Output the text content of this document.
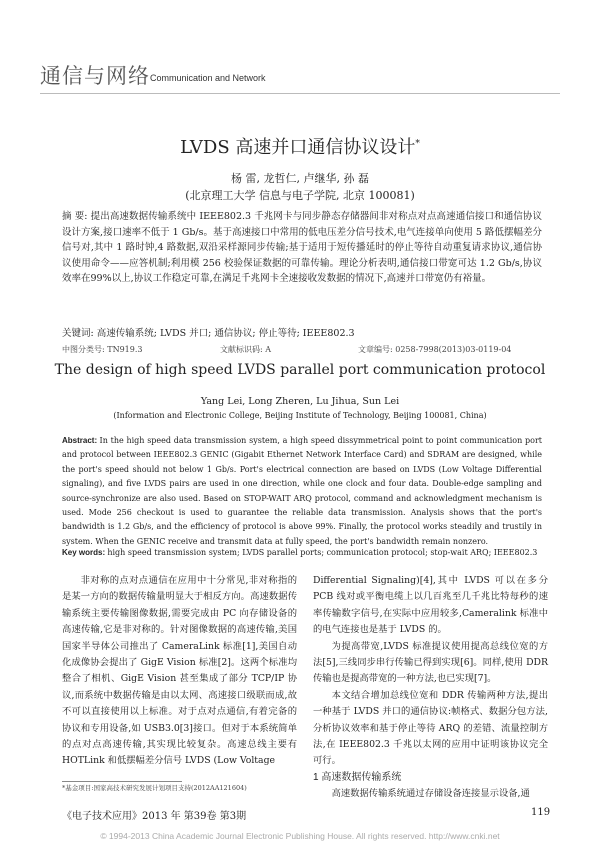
通信与网络 Communication and Network
LVDS 高速并口通信协议设计*
杨 雷, 龙哲仁, 卢继华, 孙 磊
(北京理工大学 信息与电子学院, 北京 100081)
摘 要: 提出高速数据传输系统中 IEEE802.3 千兆网卡与同步静态存储器间非对称点对点高速通信接口和通信协议设计方案,接口速率不低于 1 Gb/s。基于高速接口中常用的低电压差分信号技术,电气连接单向使用 5 路低摆幅差分信号对,其中 1 路时钟,4 路数据,双沿采样源同步传输;基于适用于短传播延时的停止等待自动重复请求协议,通信协议使用命令——应答机制;利用模 256 校验保证数据的可靠传输。理论分析表明,通信接口带宽可达 1.2 Gb/s,协议效率在99%以上,协议工作稳定可靠,在满足千兆网卡全速接收发数据的情况下,高速并口带宽仍有裕量。
关键词: 高速传输系统; LVDS 并口; 通信协议; 停止等待; IEEE802.3
中图分类号: TN919.3	文献标识码: A	文章编号: 0258-7998(2013)03-0119-04
The design of high speed LVDS parallel port communication protocol
Yang Lei, Long Zheren, Lu Jihua, Sun Lei
(Information and Electronic College, Beijing Institute of Technology, Beijing 100081, China)
Abstract: In the high speed data transmission system, a high speed dissymmetrical point to point communication port and protocol between IEEE802.3 GENIC (Gigabit Ethernet Network Interface Card) and SDRAM are designed, while the port's speed should not below 1 Gb/s. Port's electrical connection are based on LVDS (Low Voltage Differential signaling), and five LVDS pairs are used in one direction, while one clock and four data. Double-edge sampling and source-synchronize are also used. Based on STOP-WAIT ARQ protocol, command and acknowledgment mechanism is used. Mode 256 checkout is used to guarantee the reliable data transmission. Analysis shows that the port's bandwidth is 1.2 Gb/s, and the efficiency of protocol is above 99%. Finally, the protocol works steadily and trustily in system. When the GENIC receive and transmit data at fully speed, the port's bandwidth remain nonzero.
Key words: high speed transmission system; LVDS parallel ports; communication protocol; stop-wait ARQ; IEEE802.3

非对称的点对点通信在应用中十分常见,非对称指的是某一方向的数据传输量明显大于相反方向。高速数据传输系统主要传输图像数据,需要完成由 PC 向存储设备的高速传输,它是非对称的。针对图像数据的高速传输,美国国家半导体公司推出了 CameraLink 标准[1],美国自动化成像协会提出了 GigE Vision 标准[2]。这两个标准均整合了相机、GigE Vision 甚至集成了部分 TCP/IP 协议,而系统中数据传输是由以太网、高速接口级联而成,故不可以直接使用以上标准。对于点对点通信,有着完备的协议和专用设备,如 USB3.0[3]接口。但对于本系统简单的点对点高速传输,其实现比较复杂。高速总线主要有 HOTLink 和低摆幅差分信号 LVDS (Low Voltage

Differential Signaling)[4],其中 LVDS 可以在多分 PCB 线对或平衡电缆上以几百兆至几千兆比特每秒的速率传输数字信号,在实际中应用较多,Cameralink 标准中的电气连接也是基于 LVDS 的。

为提高带宽,LVDS 标准提议使用提高总线位宽的方法[5],三线同步串行传输已得到实现[6]。同样,使用 DDR 传输也是提高带宽的一种方法,也已实现[7]。

本文结合增加总线位宽和 DDR 传输两种方法,提出一种基于 LVDS 并口的通信协议:帧格式、数据分包方法,分析协议效率和基于停止等待 ARQ 的差错、流量控制方法,在 IEEE802.3 千兆以太网的应用中证明该协议完全可行。

1 高速数据传输系统

高速数据传输系统通过存储设备连接显示设备,通

*基金项目:国家高技术研究发展计划项目支持(2012AA121604)
《电子技术应用》2013 年 第39卷 第3期	119
© 1994-2013 China Academic Journal Electronic Publishing House. All rights reserved. http://www.cnki.net
